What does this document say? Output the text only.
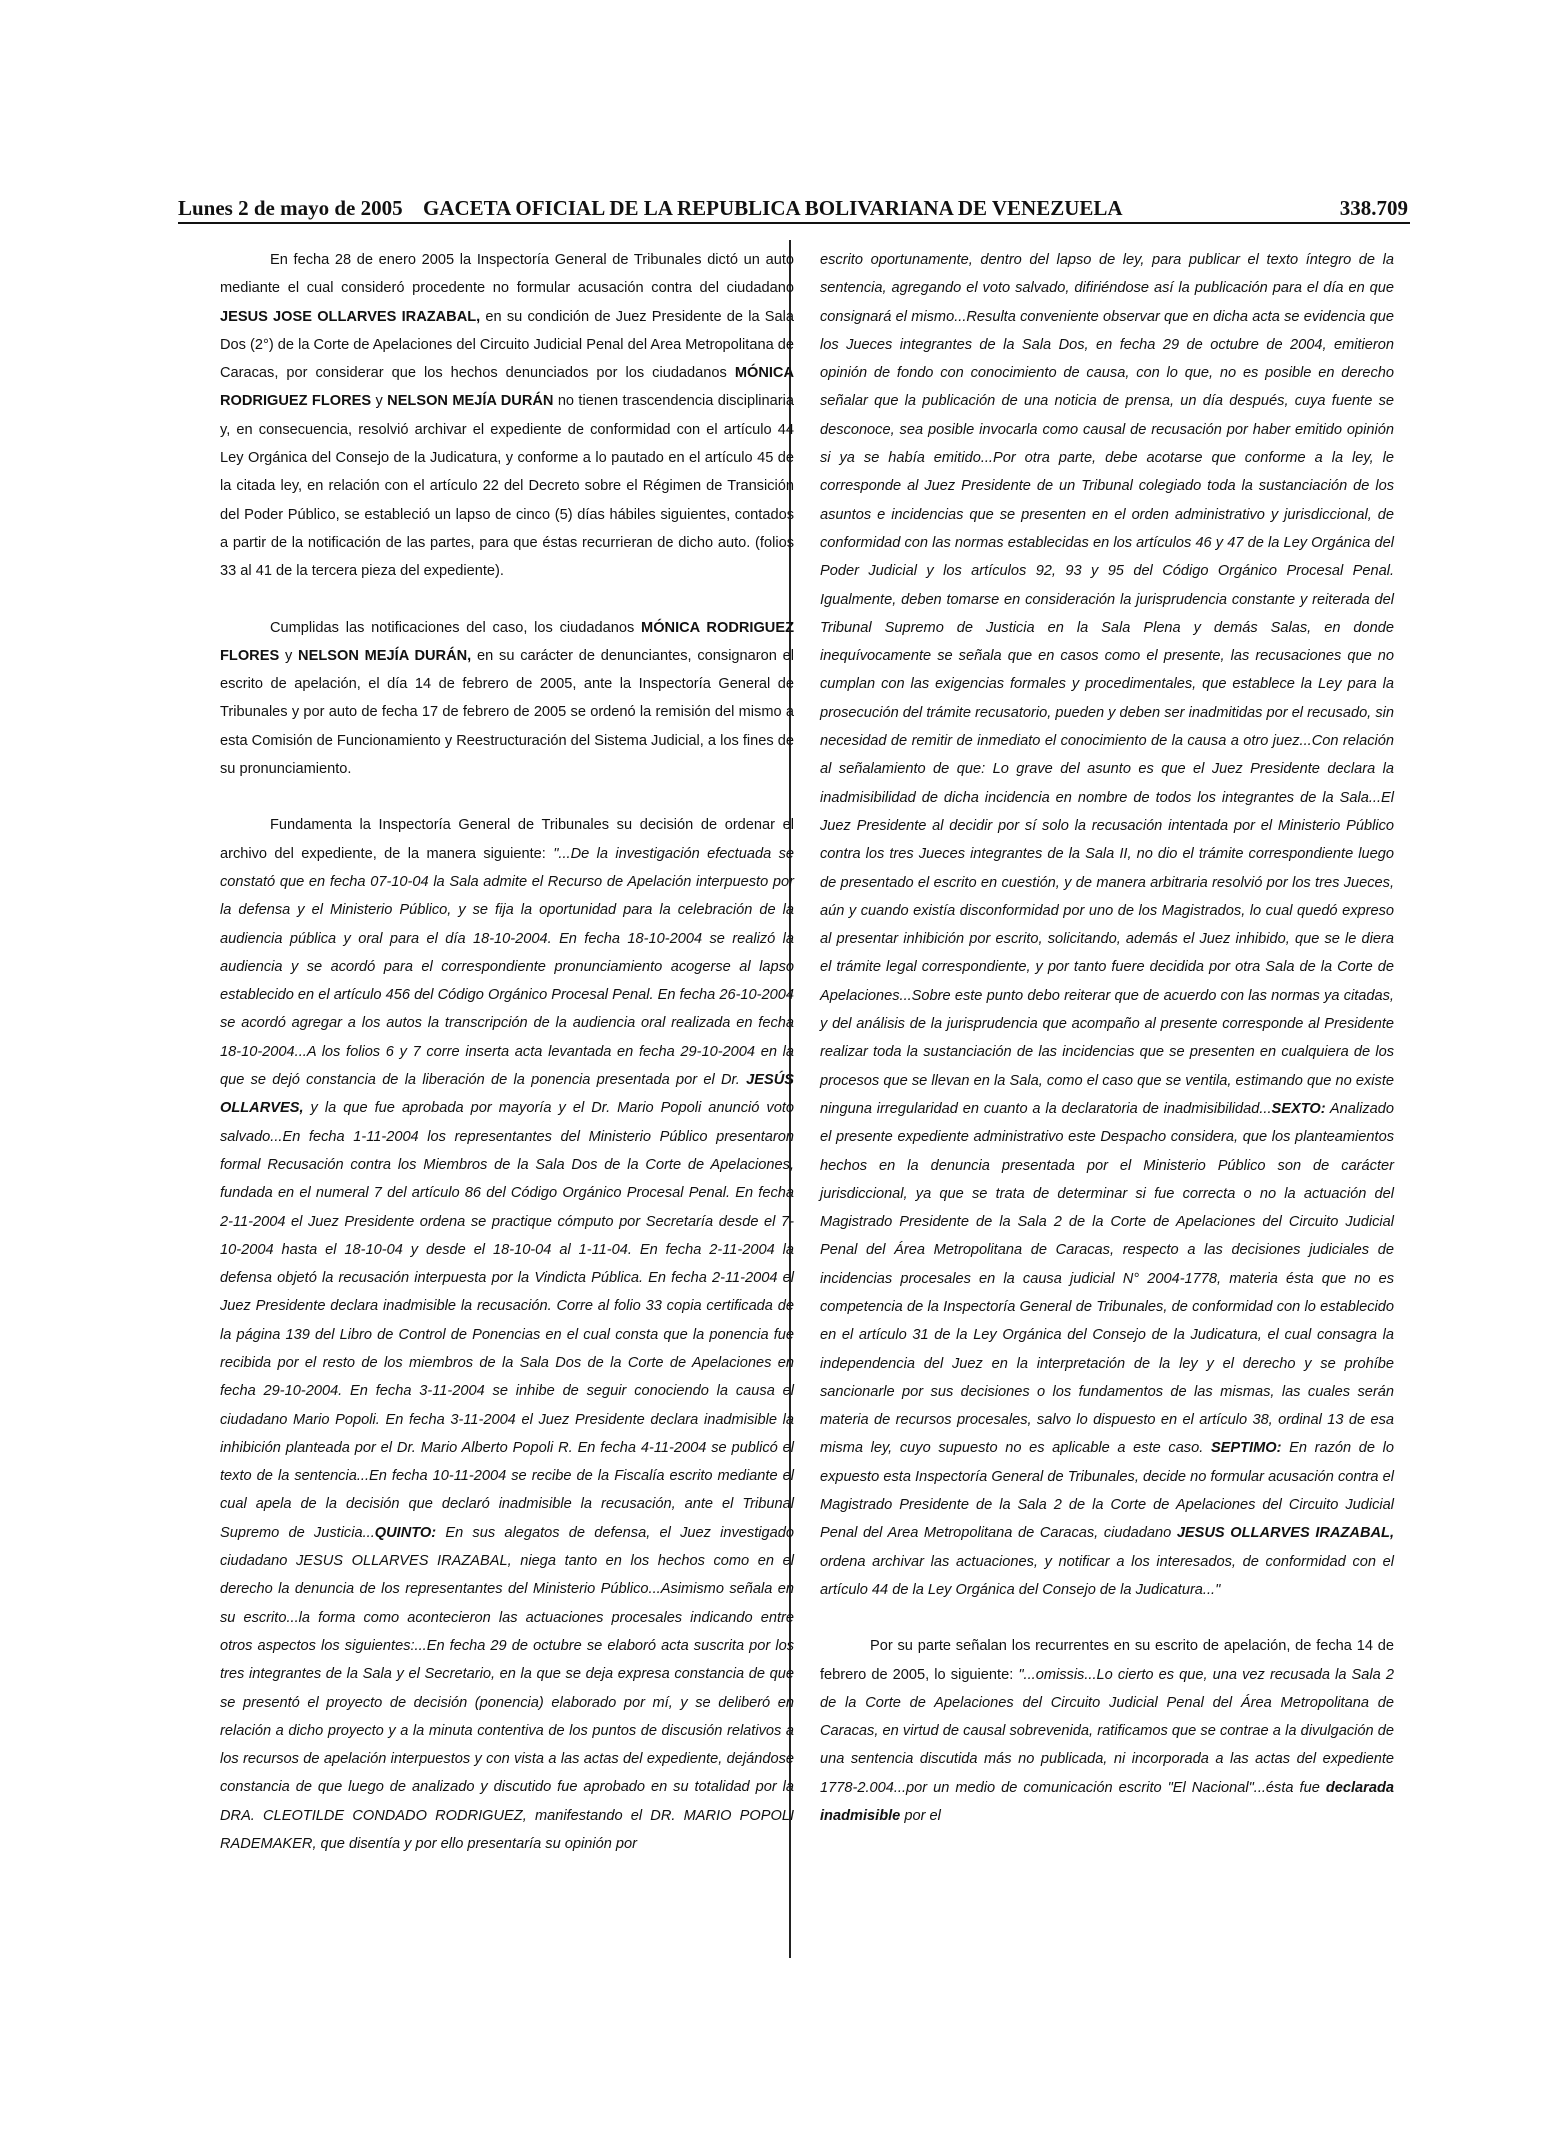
Lunes 2 de mayo de 2005 GACETA OFICIAL DE LA REPUBLICA BOLIVARIANA DE VENEZUELA	338.709

En fecha 28 de enero 2005 la Inspectoría General de Tribunales dictó un auto mediante el cual consideró procedente no formular acusación contra del ciudadano JESUS JOSE OLLARVES IRAZABAL, en su condición de Juez Presidente de la Sala Dos (2°) de la Corte de Apelaciones del Circuito Judicial Penal del Area Metropolitana de Caracas, por considerar que los hechos denunciados por los ciudadanos MÓNICA RODRIGUEZ FLORES y NELSON MEJÍA DURÁN no tienen trascendencia disciplinaria y, en consecuencia, resolvió archivar el expediente de conformidad con el artículo 44 Ley Orgánica del Consejo de la Judicatura, y conforme a lo pautado en el artículo 45 de la citada ley, en relación con el artículo 22 del Decreto sobre el Régimen de Transición del Poder Público, se estableció un lapso de cinco (5) días hábiles siguientes, contados a partir de la notificación de las partes, para que éstas recurrieran de dicho auto. (folios 33 al 41 de la tercera pieza del expediente).

Cumplidas las notificaciones del caso, los ciudadanos MÓNICA RODRIGUEZ FLORES y NELSON MEJÍA DURÁN, en su carácter de denunciantes, consignaron el escrito de apelación, el día 14 de febrero de 2005, ante la Inspectoría General de Tribunales y por auto de fecha 17 de febrero de 2005 se ordenó la remisión del mismo a esta Comisión de Funcionamiento y Reestructuración del Sistema Judicial, a los fines de su pronunciamiento.

Fundamenta la Inspectoría General de Tribunales su decisión de ordenar el archivo del expediente, de la manera siguiente: "...De la investigación efectuada se constató que en fecha 07-10-04 la Sala admite el Recurso de Apelación interpuesto por la defensa y el Ministerio Público, y se fija la oportunidad para la celebración de la audiencia pública y oral para el día 18-10-2004. En fecha 18-10-2004 se realizó la audiencia y se acordó para el correspondiente pronunciamiento acogerse al lapso establecido en el artículo 456 del Código Orgánico Procesal Penal. En fecha 26-10-2004 se acordó agregar a los autos la transcripción de la audiencia oral realizada en fecha 18-10-2004...A los folios 6 y 7 corre inserta acta levantada en fecha 29-10-2004 en la que se dejó constancia de la liberación de la ponencia presentada por el Dr. JESÚS OLLARVES, y la que fue aprobada por mayoría y el Dr. Mario Popoli anunció voto salvado...En fecha 1-11-2004 los representantes del Ministerio Público presentaron formal Recusación contra los Miembros de la Sala Dos de la Corte de Apelaciones, fundada en el numeral 7 del artículo 86 del Código Orgánico Procesal Penal. En fecha 2-11-2004 el Juez Presidente ordena se practique cómputo por Secretaría desde el 7-10-2004 hasta el 18-10-04 y desde el 18-10-04 al 1-11-04. En fecha 2-11-2004 la defensa objetó la recusación interpuesta por la Vindicta Pública. En fecha 2-11-2004 el Juez Presidente declara inadmisible la recusación. Corre al folio 33 copia certificada de la página 139 del Libro de Control de Ponencias en el cual consta que la ponencia fue recibida por el resto de los miembros de la Sala Dos de la Corte de Apelaciones en fecha 29-10-2004. En fecha 3-11-2004 se inhibe de seguir conociendo la causa el ciudadano Mario Popoli. En fecha 3-11-2004 el Juez Presidente declara inadmisible la inhibición planteada por el Dr. Mario Alberto Popoli R. En fecha 4-11-2004 se publicó el texto de la sentencia...En fecha 10-11-2004 se recibe de la Fiscalía escrito mediante el cual apela de la decisión que declaró inadmisible la recusación, ante el Tribunal Supremo de Justicia...QUINTO: En sus alegatos de defensa, el Juez investigado ciudadano JESUS OLLARVES IRAZABAL, niega tanto en los hechos como en el derecho la denuncia de los representantes del Ministerio Público...Asimismo señala en su escrito...la forma como acontecieron las actuaciones procesales indicando entre otros aspectos los siguientes:...En fecha 29 de octubre se elaboró acta suscrita por los tres integrantes de la Sala y el Secretario, en la que se deja expresa constancia de que se presentó el proyecto de decisión (ponencia) elaborado por mí, y se deliberó en relación a dicho proyecto y a la minuta contentiva de los puntos de discusión relativos a los recursos de apelación interpuestos y con vista a las actas del expediente, dejándose constancia de que luego de analizado y discutido fue aprobado en su totalidad por la DRA. CLEOTILDE CONDADO RODRIGUEZ, manifestando el DR. MARIO POPOLI RADEMAKER, que disentía y por ello presentaría su opinión por

escrito oportunamente, dentro del lapso de ley, para publicar el texto íntegro de la sentencia, agregando el voto salvado, difiriéndose así la publicación para el día en que consignará el mismo...Resulta conveniente observar que en dicha acta se evidencia que los Jueces integrantes de la Sala Dos, en fecha 29 de octubre de 2004, emitieron opinión de fondo con conocimiento de causa, con lo que, no es posible en derecho señalar que la publicación de una noticia de prensa, un día después, cuya fuente se desconoce, sea posible invocarla como causal de recusación por haber emitido opinión si ya se había emitido...Por otra parte, debe acotarse que conforme a la ley, le corresponde al Juez Presidente de un Tribunal colegiado toda la sustanciación de los asuntos e incidencias que se presenten en el orden administrativo y jurisdiccional, de conformidad con las normas establecidas en los artículos 46 y 47 de la Ley Orgánica del Poder Judicial y los artículos 92, 93 y 95 del Código Orgánico Procesal Penal. Igualmente, deben tomarse en consideración la jurisprudencia constante y reiterada del Tribunal Supremo de Justicia en la Sala Plena y demás Salas, en donde inequívocamente se señala que en casos como el presente, las recusaciones que no cumplan con las exigencias formales y procedimentales, que establece la Ley para la prosecución del trámite recusatorio, pueden y deben ser inadmitidas por el recusado, sin necesidad de remitir de inmediato el conocimiento de la causa a otro juez...Con relación al señalamiento de que: Lo grave del asunto es que el Juez Presidente declara la inadmisibilidad de dicha incidencia en nombre de todos los integrantes de la Sala...El Juez Presidente al decidir por sí solo la recusación intentada por el Ministerio Público contra los tres Jueces integrantes de la Sala II, no dio el trámite correspondiente luego de presentado el escrito en cuestión, y de manera arbitraria resolvió por los tres Jueces, aún y cuando existía disconformidad por uno de los Magistrados, lo cual quedó expreso al presentar inhibición por escrito, solicitando, además el Juez inhibido, que se le diera el trámite legal correspondiente, y por tanto fuere decidida por otra Sala de la Corte de Apelaciones...Sobre este punto debo reiterar que de acuerdo con las normas ya citadas, y del análisis de la jurisprudencia que acompaño al presente corresponde al Presidente realizar toda la sustanciación de las incidencias que se presenten en cualquiera de los procesos que se llevan en la Sala, como el caso que se ventila, estimando que no existe ninguna irregularidad en cuanto a la declaratoria de inadmisibilidad...SEXTO: Analizado el presente expediente administrativo este Despacho considera, que los planteamientos hechos en la denuncia presentada por el Ministerio Público son de carácter jurisdiccional, ya que se trata de determinar si fue correcta o no la actuación del Magistrado Presidente de la Sala 2 de la Corte de Apelaciones del Circuito Judicial Penal del Área Metropolitana de Caracas, respecto a las decisiones judiciales de incidencias procesales en la causa judicial N° 2004-1778, materia ésta que no es competencia de la Inspectoría General de Tribunales, de conformidad con lo establecido en el artículo 31 de la Ley Orgánica del Consejo de la Judicatura, el cual consagra la independencia del Juez en la interpretación de la ley y el derecho y se prohíbe sancionarle por sus decisiones o los fundamentos de las mismas, las cuales serán materia de recursos procesales, salvo lo dispuesto en el artículo 38, ordinal 13 de esa misma ley, cuyo supuesto no es aplicable a este caso. SEPTIMO: En razón de lo expuesto esta Inspectoría General de Tribunales, decide no formular acusación contra el Magistrado Presidente de la Sala 2 de la Corte de Apelaciones del Circuito Judicial Penal del Area Metropolitana de Caracas, ciudadano JESUS OLLARVES IRAZABAL, ordena archivar las actuaciones, y notificar a los interesados, de conformidad con el artículo 44 de la Ley Orgánica del Consejo de la Judicatura..."

Por su parte señalan los recurrentes en su escrito de apelación, de fecha 14 de febrero de 2005, lo siguiente: "...omissis...Lo cierto es que, una vez recusada la Sala 2 de la Corte de Apelaciones del Circuito Judicial Penal del Área Metropolitana de Caracas, en virtud de causal sobrevenida, ratificamos que se contrae a la divulgación de una sentencia discutida más no publicada, ni incorporada a las actas del expediente 1778-2.004...por un medio de comunicación escrito "El Nacional"...ésta fue declarada inadmisible por el
